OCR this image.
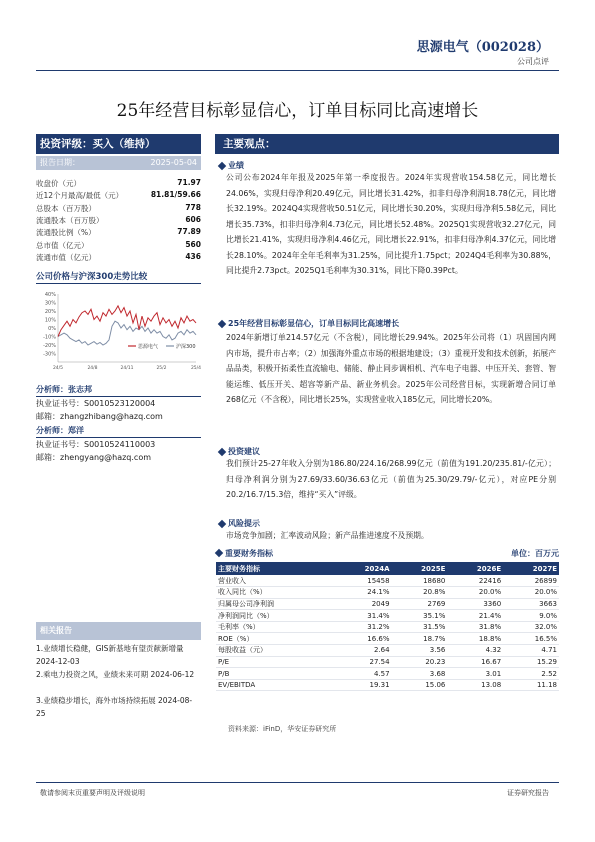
思源电气（002028）
公司点评
25年经营目标彰显信心，订单目标同比高速增长
投资评级：买入（维持）
报告日期：	2025-05-04
收盘价（元）	71.97
近12个月最高/最低（元）	81.81/59.66
总股本（百万股）	778
流通股本（百万股）	606
流通股比例（%）	77.89
总市值（亿元）	560
流通市值（亿元）	436
公司价格与沪深300走势比较
40%
30%
20%
10%
0%
-10%
-20%
-30%
24/5	24/8	24/11	25/2	25/4
思源电气	沪深300
分析师：张志邦
执业证书号：S0010523120004
邮箱：zhangzhibang@hazq.com
分析师：郑洋
执业证书号：S0010524110003
邮箱：zhengyang@hazq.com
相关报告
1.业绩增长稳健，GIS新基地有望贡献新增量 2024-12-03
2.乘电力投资之风，业绩未来可期 2024-06-12
3.业绩稳步增长，海外市场持续拓展 2024-08-25
主要观点：
业绩
公司公布2024年年报及2025年第一季度报告。2024年实现营收154.58亿元，同比增长24.06%，实现归母净利20.49亿元，同比增长31.42%，扣非归母净利润18.78亿元，同比增长32.19%。2024Q4实现营收50.51亿元，同比增长30.20%，实现归母净利5.58亿元，同比增长35.73%，扣非归母净利4.73亿元，同比增长52.48%。2025Q1实现营收32.27亿元，同比增长21.41%，实现归母净利4.46亿元，同比增长22.91%，扣非归母净利4.37亿元，同比增长28.10%。2024年全年毛利率为31.25%，同比提升1.75pct；2024Q4毛利率为30.88%，同比提升2.73pct。2025Q1毛利率为30.31%，同比下降0.39Pct。
25年经营目标彰显信心，订单目标同比高速增长
2024年新增订单214.57亿元（不含税），同比增长29.94%。2025年公司将（1）巩固国内网内市场，提升市占率；（2）加强海外重点市场的根据地建设；（3）重视开发和技术创新，拓展产品品类，积极开拓柔性直流输电、储能、静止同步调相机、汽车电子电器、中压开关、套管、智能运维、低压开关、超容等新产品、新业务机会。2025年公司经营目标，实现新增合同订单268亿元（不含税），同比增长25%，实现营业收入185亿元，同比增长20%。
投资建议
我们预计25-27年收入分别为186.80/224.16/268.99亿元（前值为191.20/235.81/-亿元）；归母净利润分别为27.69/33.60/36.63亿元（前值为25.30/29.79/-亿元），对应PE分别20.2/16.7/15.3倍，维持“买入”评级。
风险提示
市场竞争加剧；汇率波动风险；新产品推进速度不及预期。
重要财务指标	单位：百万元
主要财务指标	2024A	2025E	2026E	2027E
营业收入	15458	18680	22416	26899
收入同比（%）	24.1%	20.8%	20.0%	20.0%
归属母公司净利润	2049	2769	3360	3663
净利润同比（%）	31.4%	35.1%	21.4%	9.0%
毛利率（%）	31.2%	31.5%	31.8%	32.0%
ROE（%）	16.6%	18.7%	18.8%	16.5%
每股收益（元）	2.64	3.56	4.32	4.71
P/E	27.54	20.23	16.67	15.29
P/B	4.57	3.68	3.01	2.52
EV/EBITDA	19.31	15.06	13.08	11.18
资料来源：iFinD，华安证券研究所
敬请参阅末页重要声明及评级说明	证券研究报告
